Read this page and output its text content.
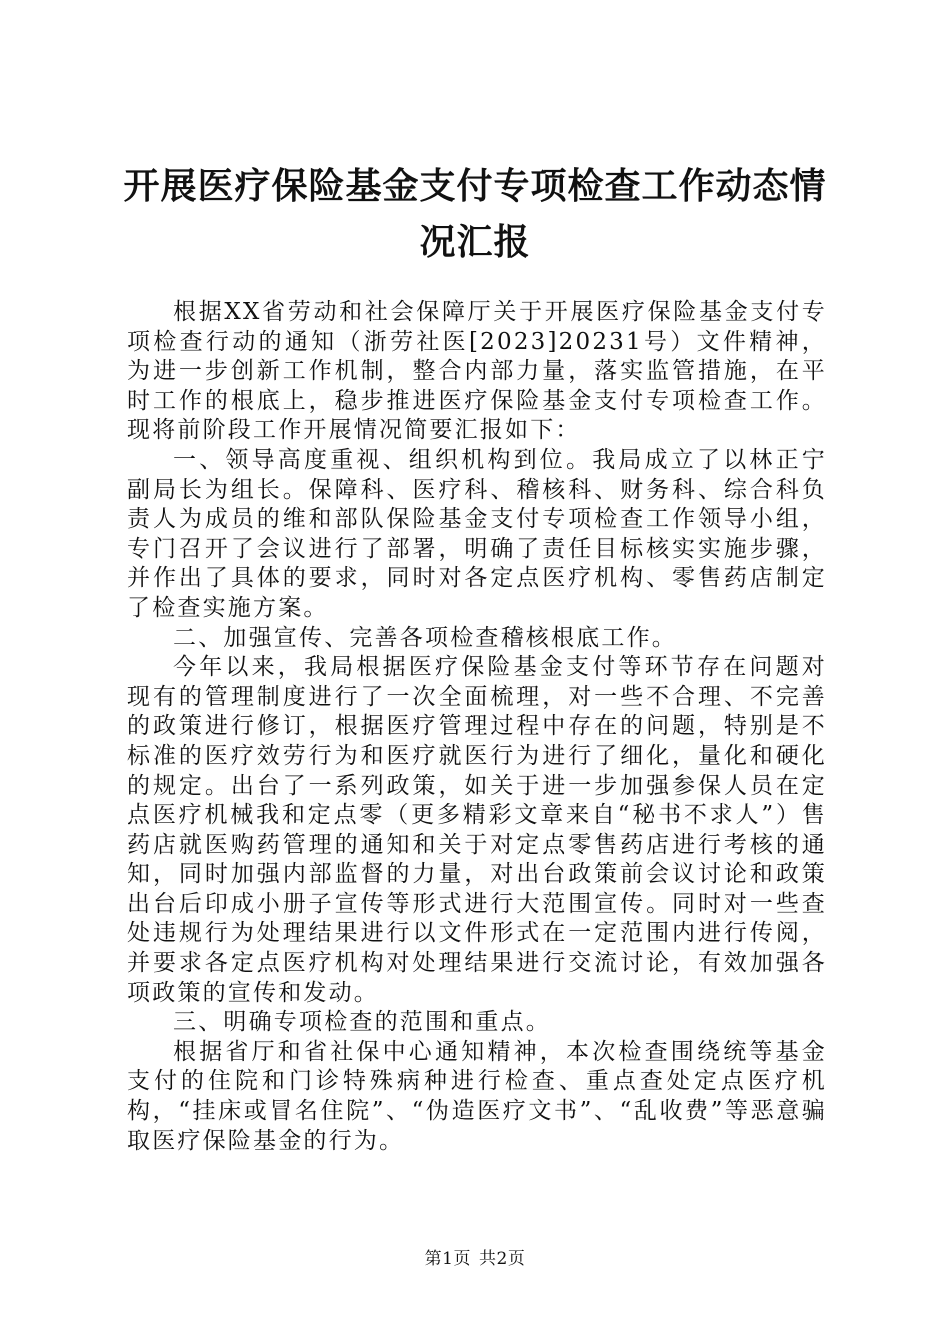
开展医疗保险基金支付专项检查工作动态情况汇报

根据XX省劳动和社会保障厅关于开展医疗保险基金支付专项检查行动的通知（浙劳社医[2023]20231号）文件精神，为进一步创新工作机制，整合内部力量，落实监管措施，在平时工作的根底上，稳步推进医疗保险基金支付专项检查工作。现将前阶段工作开展情况简要汇报如下：

一、领导高度重视、组织机构到位。我局成立了以林正宁副局长为组长。保障科、医疗科、稽核科、财务科、综合科负责人为成员的维和部队保险基金支付专项检查工作领导小组，专门召开了会议进行了部署，明确了责任目标核实实施步骤，并作出了具体的要求，同时对各定点医疗机构、零售药店制定了检查实施方案。

二、加强宣传、完善各项检查稽核根底工作。

今年以来，我局根据医疗保险基金支付等环节存在问题对现有的管理制度进行了一次全面梳理，对一些不合理、不完善的政策进行修订，根据医疗管理过程中存在的问题，特别是不标准的医疗效劳行为和医疗就医行为进行了细化，量化和硬化的规定。出台了一系列政策，如关于进一步加强参保人员在定点医疗机械我和定点零（更多精彩文章来自“秘书不求人”）售药店就医购药管理的通知和关于对定点零售药店进行考核的通知，同时加强内部监督的力量，对出台政策前会议讨论和政策出台后印成小册子宣传等形式进行大范围宣传。同时对一些查处违规行为处理结果进行以文件形式在一定范围内进行传阅，并要求各定点医疗机构对处理结果进行交流讨论，有效加强各项政策的宣传和发动。

三、明确专项检查的范围和重点。

根据省厅和省社保中心通知精神，本次检查围绕统等基金支付的住院和门诊特殊病种进行检查、重点查处定点医疗机构，“挂床或冒名住院”、“伪造医疗文书”、“乱收费”等恶意骗取医疗保险基金的行为。

第1页 共2页
